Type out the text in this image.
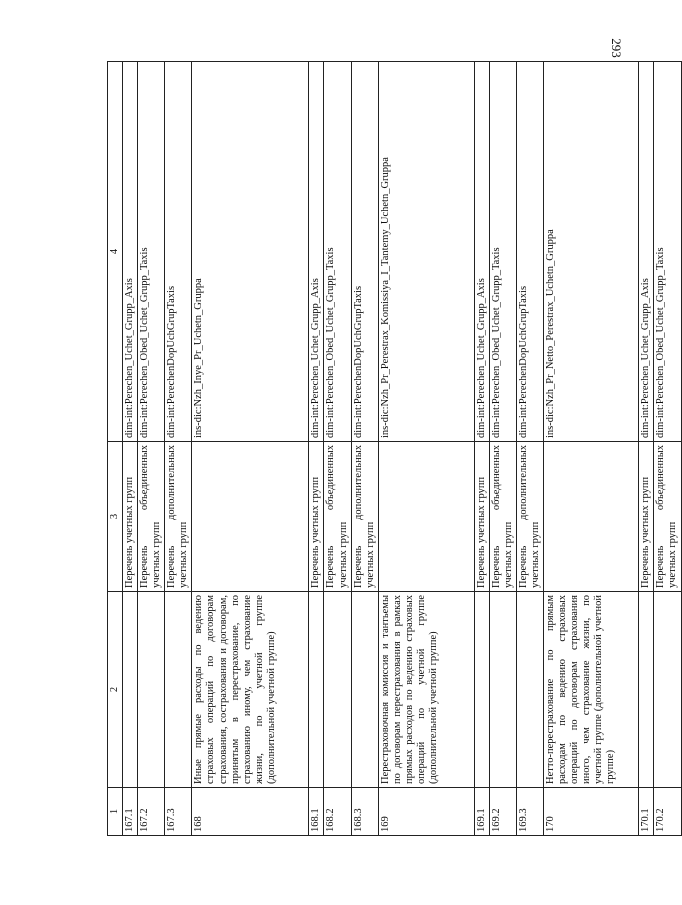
293
1	2	3	4
167.1		Перечень учетных групп	dim-int:Perechen_Uchet_Grupp_Axis
167.2		Перечень объединенных учетных групп	dim-int:Perechen_Obed_Uchet_Grupp_Taxis
167.3		Перечень дополнительных учетных групп	dim-int:PerechenDopUchGrupTaxis
168	Иные прямые расходы по ведению страховых операций по договорам страхования, сострахования и договорам, принятым в перестрахование, по страхованию иному, чем страхование жизни, по учетной группе (дополнительной учетной группе)		ins-dic:Nzh_Inye_Pr_Uchetn_Gruppa
168.1		Перечень учетных групп	dim-int:Perechen_Uchet_Grupp_Axis
168.2		Перечень объединенных учетных групп	dim-int:Perechen_Obed_Uchet_Grupp_Taxis
168.3		Перечень дополнительных учетных групп	dim-int:PerechenDopUchGrupTaxis
169	Перестраховочная комиссия и тантьемы по договорам перестрахования в рамках прямых расходов по ведению страховых операций по учетной группе (дополнительной учетной группе)		ins-dic:Nzh_Pr_Perestrax_Komissiya_I_Tantemy_Uchetn_Gruppa
169.1		Перечень учетных групп	dim-int:Perechen_Uchet_Grupp_Axis
169.2		Перечень объединенных учетных групп	dim-int:Perechen_Obed_Uchet_Grupp_Taxis
169.3		Перечень дополнительных учетных групп	dim-int:PerechenDopUchGrupTaxis
170	Нетто-перестрахование по прямым расходам по ведению страховых операций по договорам страхования иного, чем страхование жизни, по учетной группе (дополнительной учетной группе)		ins-dic:Nzh_Pr_Netto_Perestrax_Uchetn_Gruppa
170.1		Перечень учетных групп	dim-int:Perechen_Uchet_Grupp_Axis
170.2		Перечень объединенных учетных групп	dim-int:Perechen_Obed_Uchet_Grupp_Taxis
